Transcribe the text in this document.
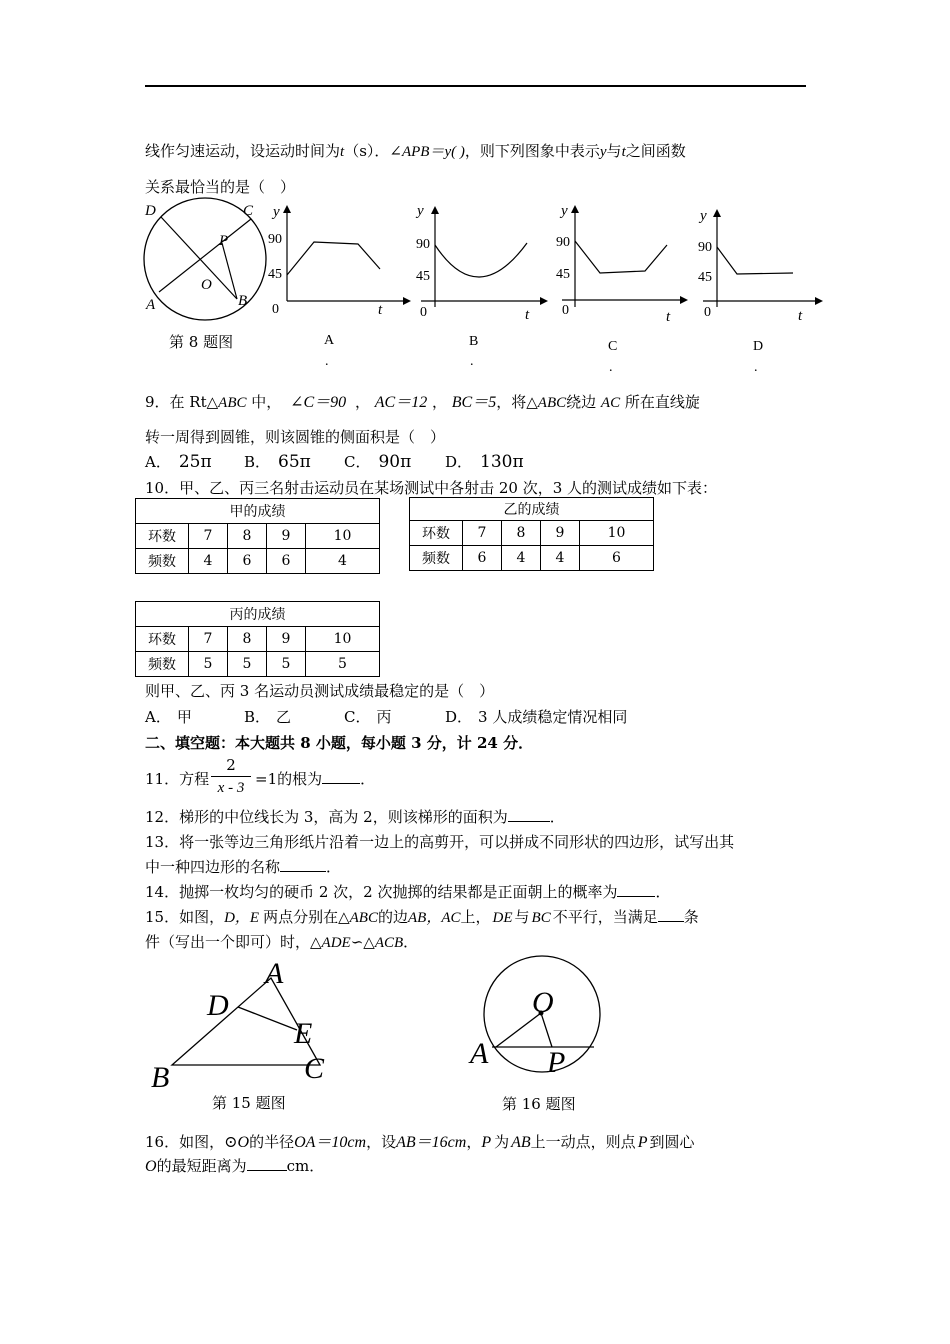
线作匀速运动，设运动时间为t（s）．∠APB＝y( )，则下列图象中表示y与t之间函数
关系最恰当的是（　）
D	C
P
O
A	B
y
t
0
90
45
A
.
y
t
0
90
45
B
.
y
t
0
90
45
C
.
y
t
0
90
45
D
.
第 8 题图
9．在 Rt△ABC 中， ∠C＝90 ， AC＝12 ， BC＝5，将△ABC绕边 AC 所在直线旋
转一周得到圆锥，则该圆锥的侧面积是（　）
A． 25π B． 65π C． 90π D． 130π
10．甲、乙、丙三名射击运动员在某场测试中各射击 20 次，3 人的测试成绩如下表：
甲的成绩				
环数	7	8	9	10
频数	4	6	6	4
乙的成绩				
环数	7	8	9	10
频数	6	4	4	6
丙的成绩				
环数	7	8	9	10
频数	5	5	5	5
则甲、乙、丙 3 名运动员测试成绩最稳定的是（　）
A． 甲	B． 乙	C． 丙	D． 3 人成绩稳定情况相同
二、填空题：本大题共 8 小题，每小题 3 分，计 24 分．
11．方程
2
x - 3 =1的根为	．
12．梯形的中位线长为 3，高为 2，则该梯形的面积为	．
13．将一张等边三角形纸片沿着一边上的高剪开，可以拼成不同形状的四边形，试写出其
中一种四边形的名称	．
14．抛掷一枚均匀的硬币 2 次，2 次抛掷的结果都是正面朝上的概率为	．
15．如图，D，E 两点分别在△ABC的边AB，AC上， DE 与 BC 不平行，当满足 条
件（写出一个即可）时，△ADE∽△ACB．
A
D
E
B	C
第 15 题图
O
A P
第 16 题图
16．如图，⊙O的半径OA＝10cm，设AB＝16cm，P 为 AB上一动点，则点 P 到圆心
O的最短距离为	cm．
